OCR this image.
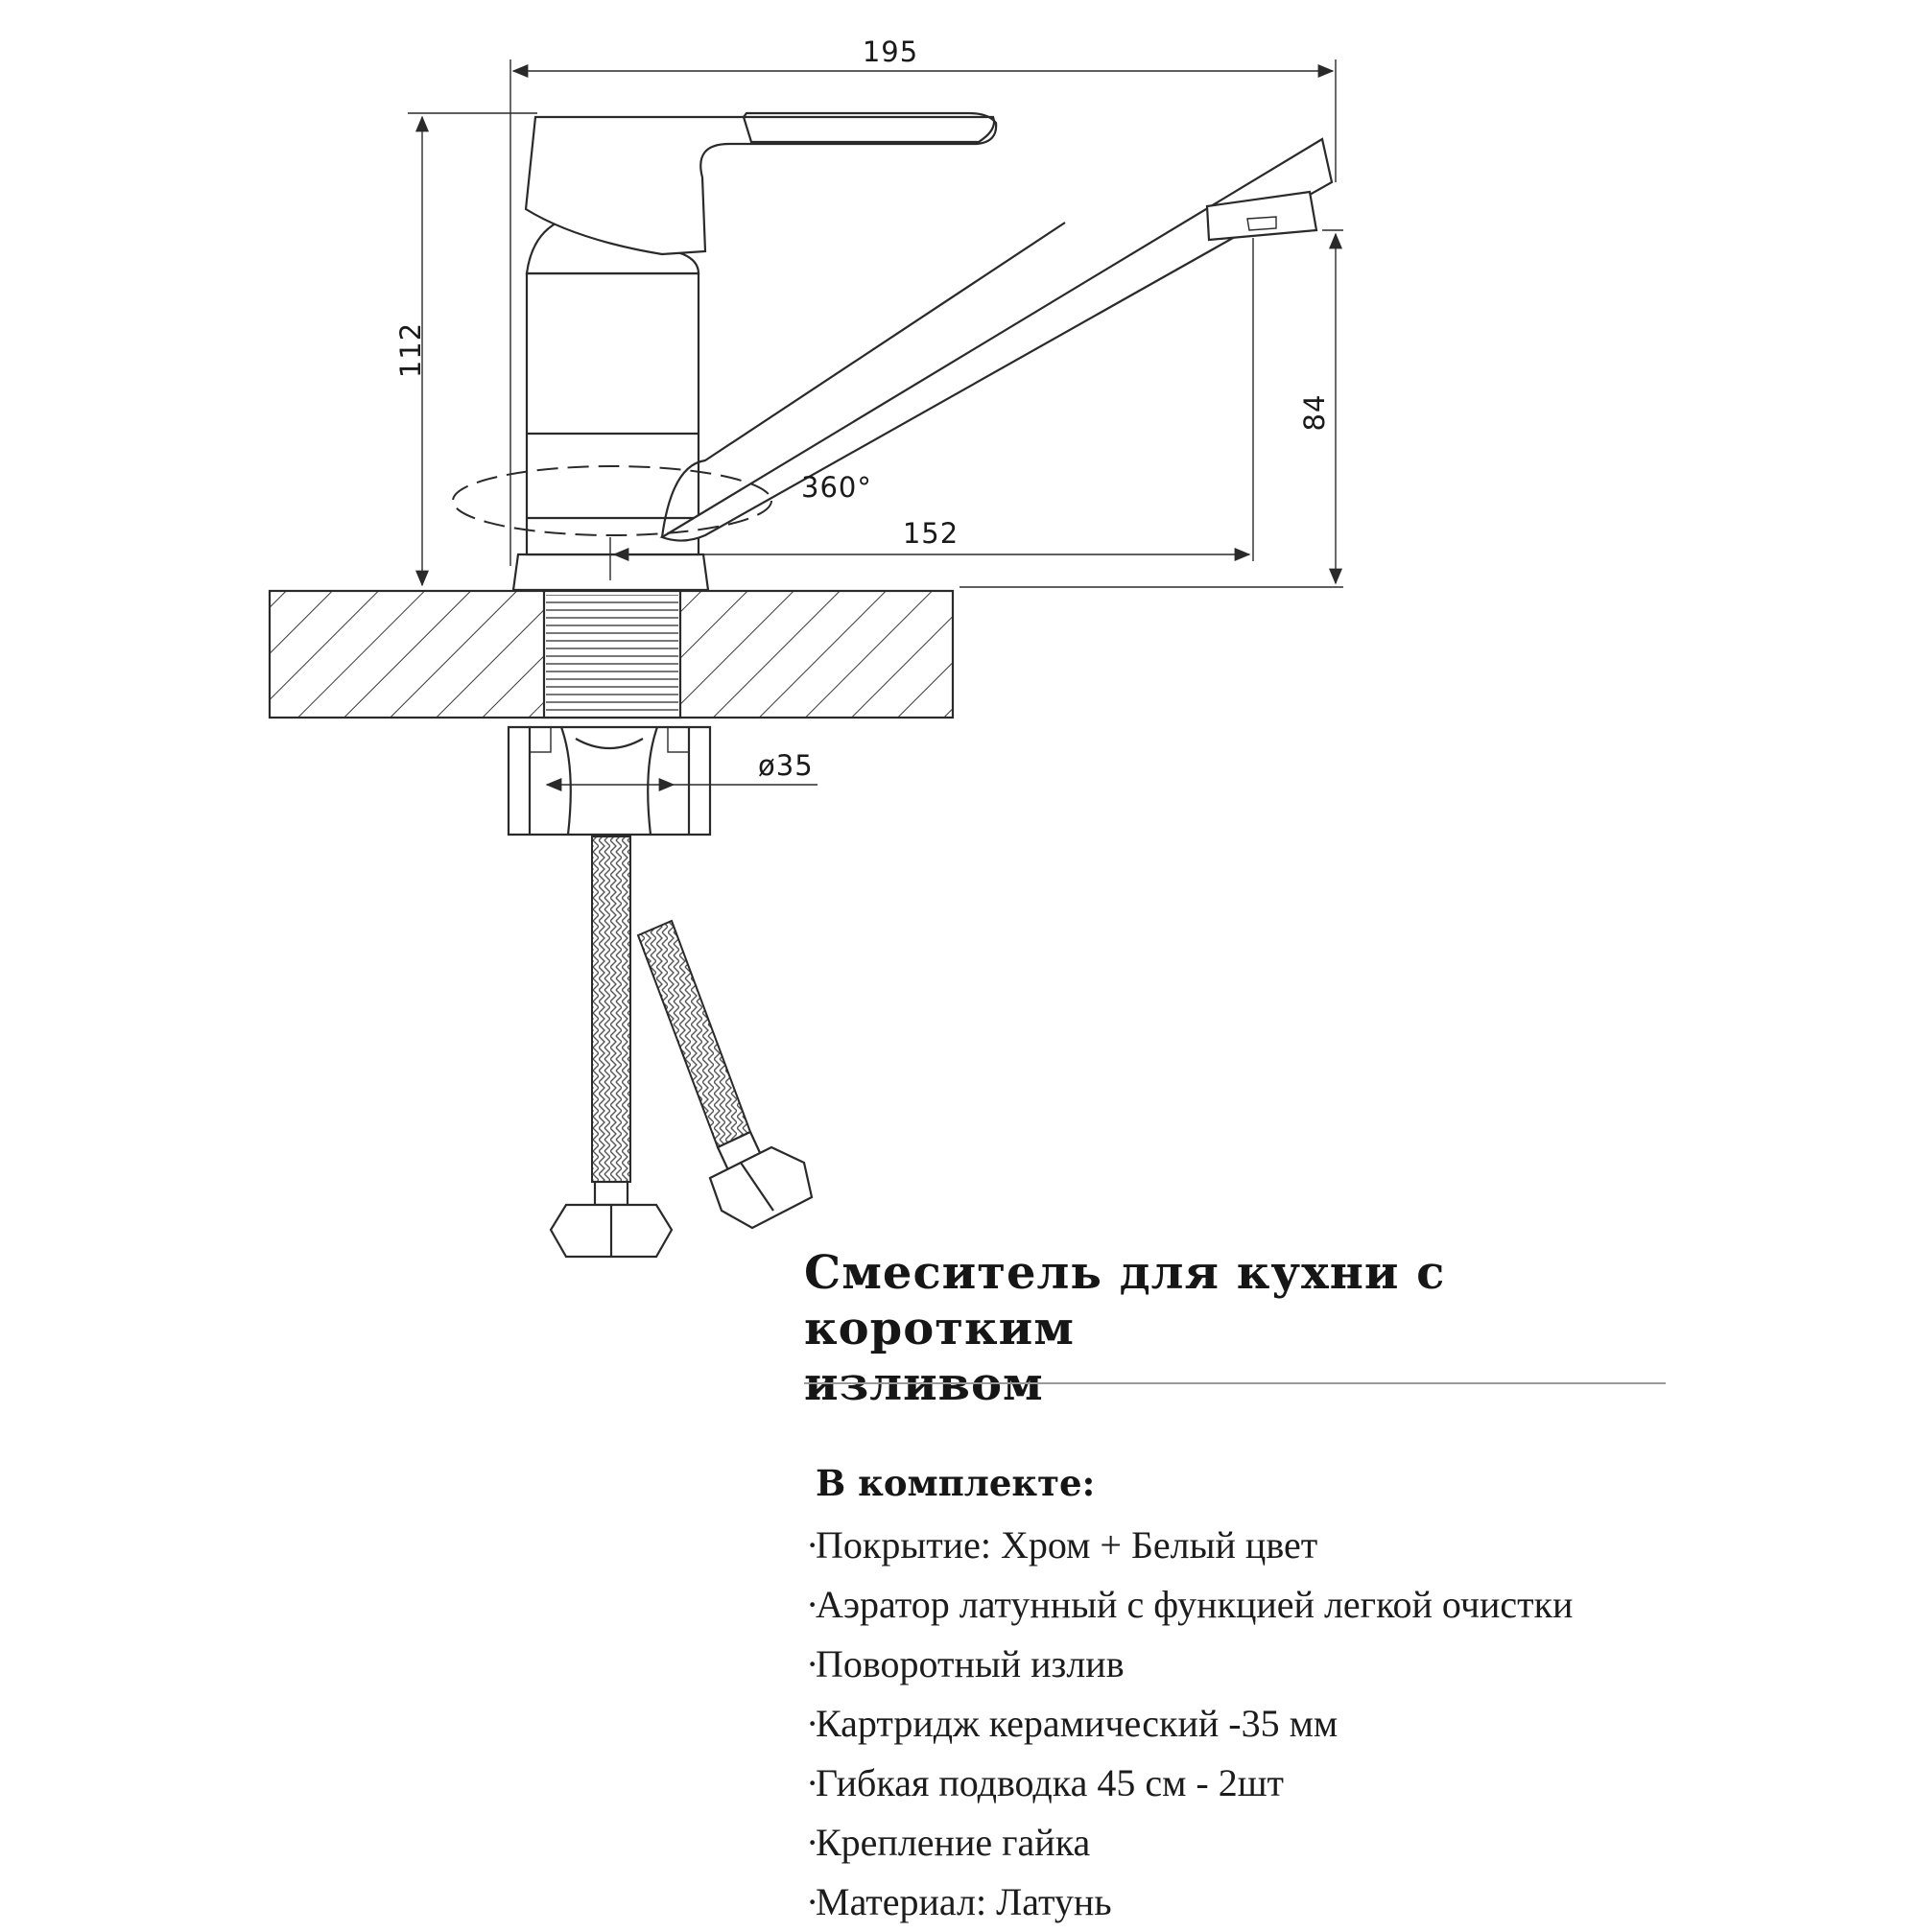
360°
195
112
84
152
ø35
Смеситель для кухни с коротким
изливом
В комплекте:
·Покрытие: Хром + Белый цвет
·Аэратор латунный с функцией легкой очистки
·Поворотный излив
·Картридж керамический -35 мм
·Гибкая подводка 45 см - 2шт
·Крепление гайка
·Материал: Латунь
